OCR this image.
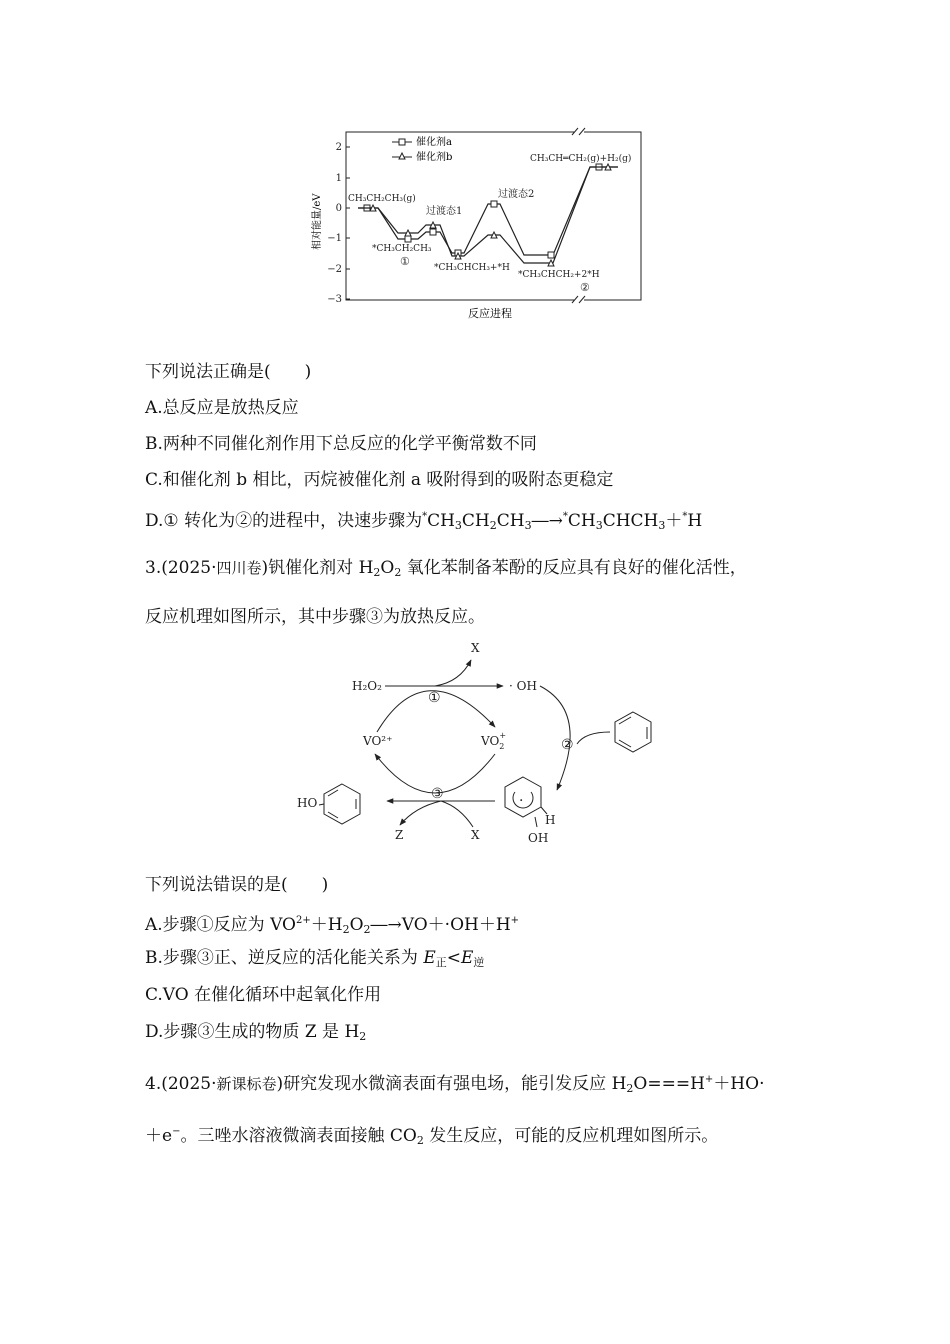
2
1
0
−1
−2
−3
相对能量/eV
反应进程
催化剂a
催化剂b
CH₃CH₂CH₃(g)
*CH₃CH₂CH₃
①
过渡态1
*CH₃CHCH₃+*H
过渡态2
*CH₃CHCH₂+2*H
②
CH₃CH═CH₂(g)+H₂(g)
下列说法正确是(　　)
A.总反应是放热反应
B.两种不同催化剂作用下总反应的化学平衡常数不同
C.和催化剂 b 相比，丙烷被催化剂 a 吸附得到的吸附态更稳定
D.① 转化为②的进程中，决速步骤为$^*CH_3CH_2CH_3―\to^*CH_3CHCH_3+^*H$
3.(2025·四川卷)钒催化剂对 $H_2O_2$ 氧化苯制备苯酚的反应具有良好的催化活性，
反应机理如图所示，其中步骤③为放热反应。
X
H₂O₂	· OH
①
VO²⁺	$VO_2+$
②
③
HO
Z	X
H
OH
·
下列说法错误的是(　　)
A.步骤①反应为 $VO^{2+}+H_2O_2―\to VO+\cdot OH+H^+$
B.步骤③正、逆反应的活化能关系为 $E_正<E_逆$
C.VO 在催化循环中起氧化作用
D.步骤③生成的物质 Z 是 $H_2$
4.(2025·新课标卷)研究发现水微滴表面有强电场，能引发反应 $H_2O===H^++HO\cdot$
＋e−。三唑水溶液微滴表面接触 $CO_2$ 发生反应，可能的反应机理如图所示。
